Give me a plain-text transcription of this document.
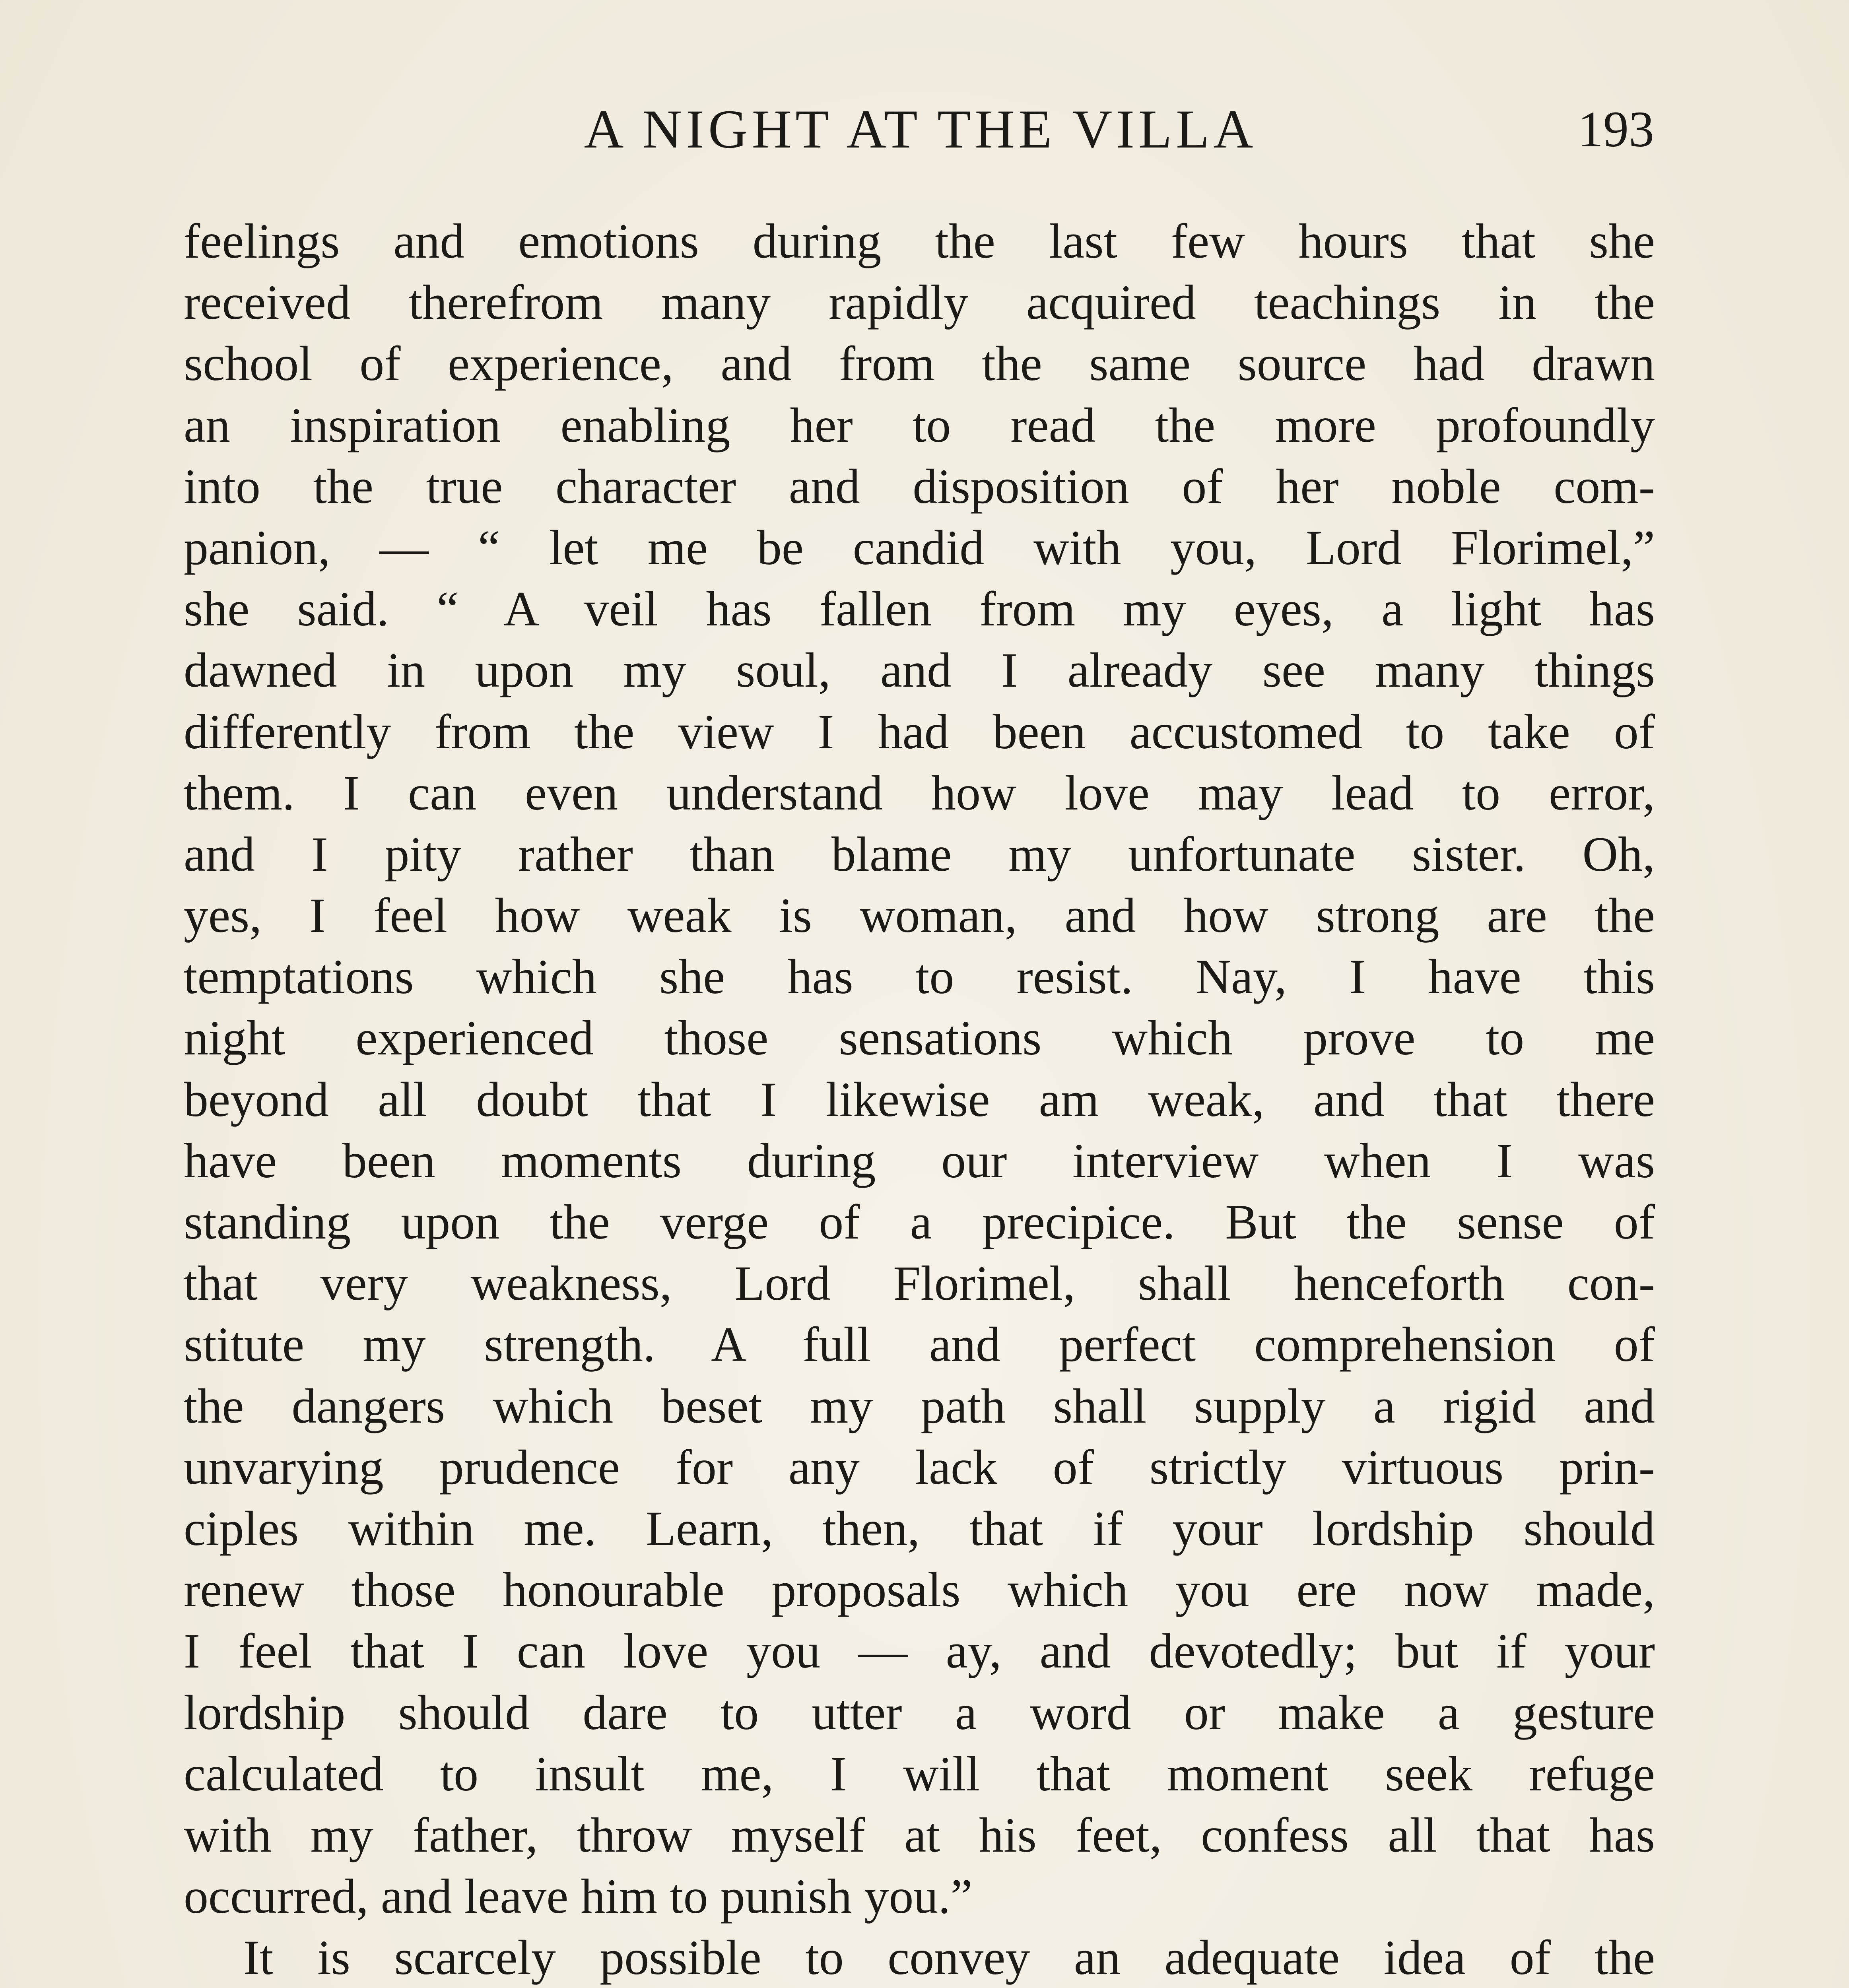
A NIGHT AT THE VILLA	193
feelings and emotions during the last few hours that she
received therefrom many rapidly acquired teachings in the
school of experience, and from the same source had drawn
an inspiration enabling her to read the more profoundly
into the true character and disposition of her noble com-
panion, — “ let me be candid with you, Lord Florimel,”
she said. “ A veil has fallen from my eyes, a light has
dawned in upon my soul, and I already see many things
differently from the view I had been accustomed to take of
them. I can even understand how love may lead to error,
and I pity rather than blame my unfortunate sister. Oh,
yes, I feel how weak is woman, and how strong are the
temptations which she has to resist. Nay, I have this
night experienced those sensations which prove to me
beyond all doubt that I likewise am weak, and that there
have been moments during our interview when I was
standing upon the verge of a precipice. But the sense of
that very weakness, Lord Florimel, shall henceforth con-
stitute my strength. A full and perfect comprehension of
the dangers which beset my path shall supply a rigid and
unvarying prudence for any lack of strictly virtuous prin-
ciples within me. Learn, then, that if your lordship should
renew those honourable proposals which you ere now made,
I feel that I can love you — ay, and devotedly; but if your
lordship should dare to utter a word or make a gesture
calculated to insult me, I will that moment seek refuge
with my father, throw myself at his feet, confess all that has
occurred, and leave him to punish you.”
It is scarcely possible to convey an adequate idea of the
